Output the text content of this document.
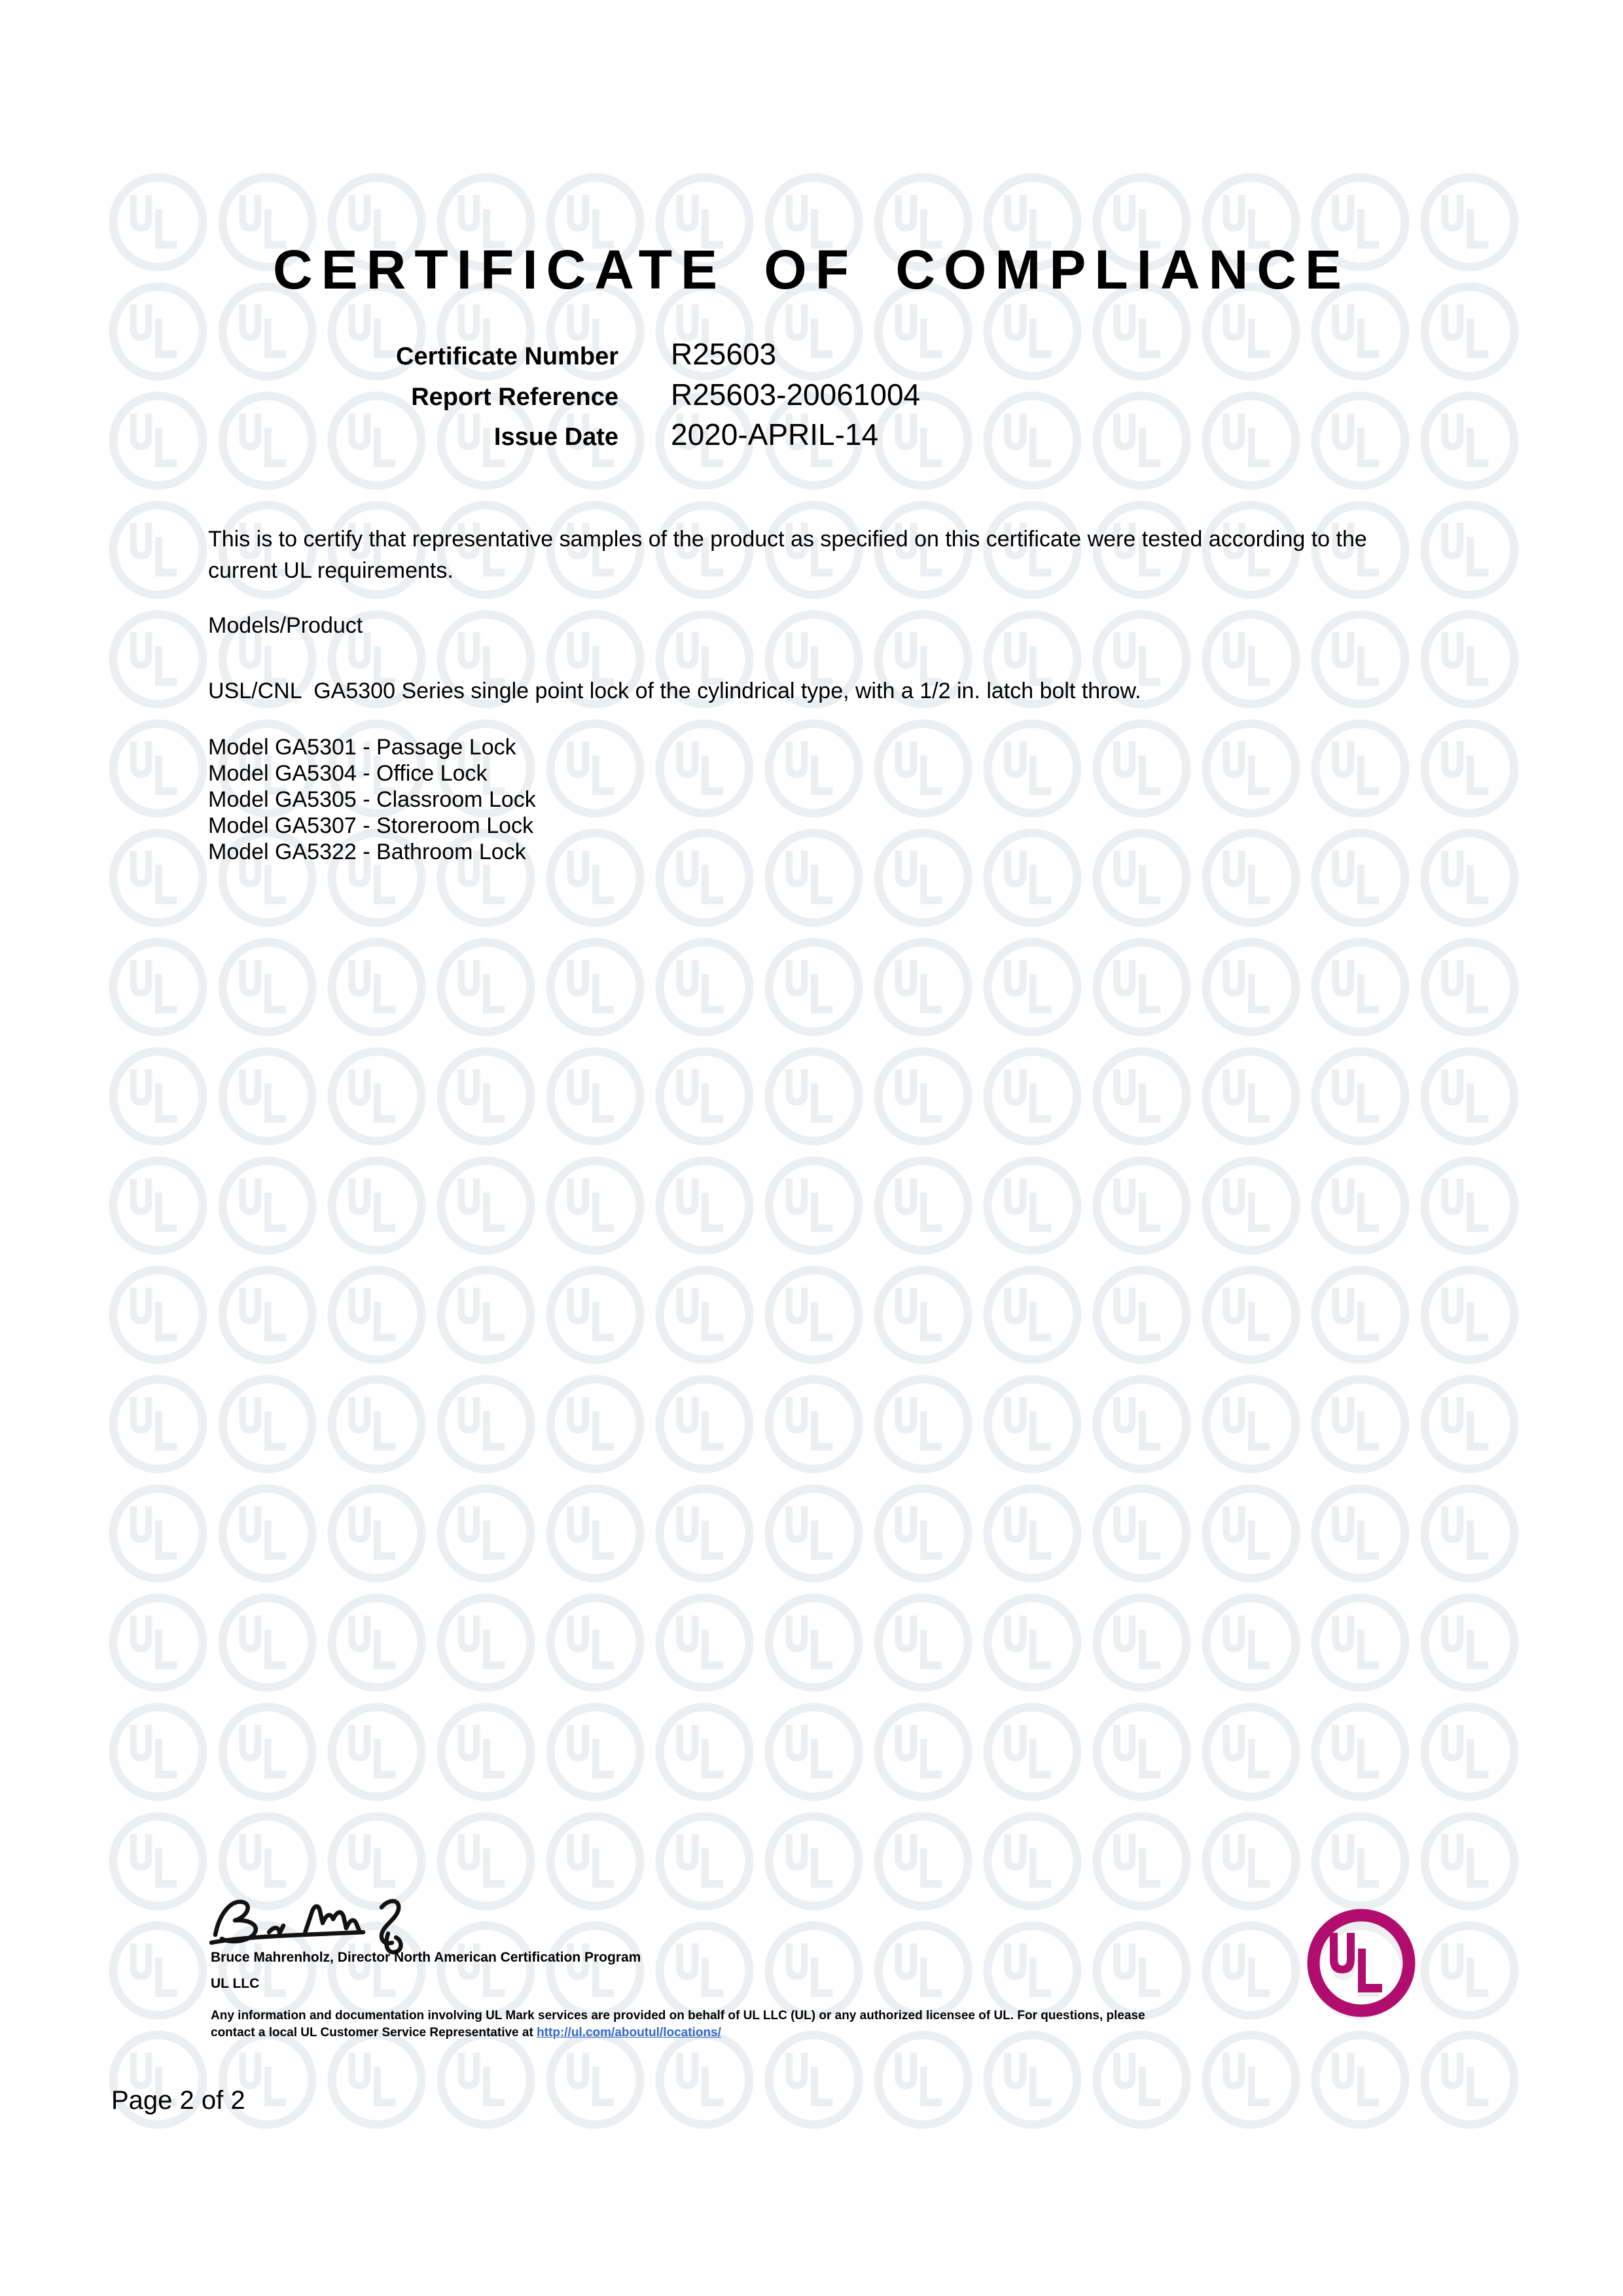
CERTIFICATE OF COMPLIANCE
Certificate Number R25603
Report Reference R25603-20061004
Issue Date 2020-APRIL-14
This is to certify that representative samples of the product as specified on this certificate were tested according to the current UL requirements.
Models/Product
USL/CNL  GA5300 Series single point lock of the cylindrical type, with a 1/2 in. latch bolt throw.
Model GA5301 - Passage Lock
Model GA5304 - Office Lock
Model GA5305 - Classroom Lock
Model GA5307 - Storeroom Lock
Model GA5322 - Bathroom Lock
Bruce Mahrenholz, Director North American Certification Program
UL LLC
Any information and documentation involving UL Mark services are provided on behalf of UL LLC (UL) or any authorized licensee of UL. For questions, please
contact a local UL Customer Service Representative at http://ul.com/aboutul/locations/
Page 2 of 2
